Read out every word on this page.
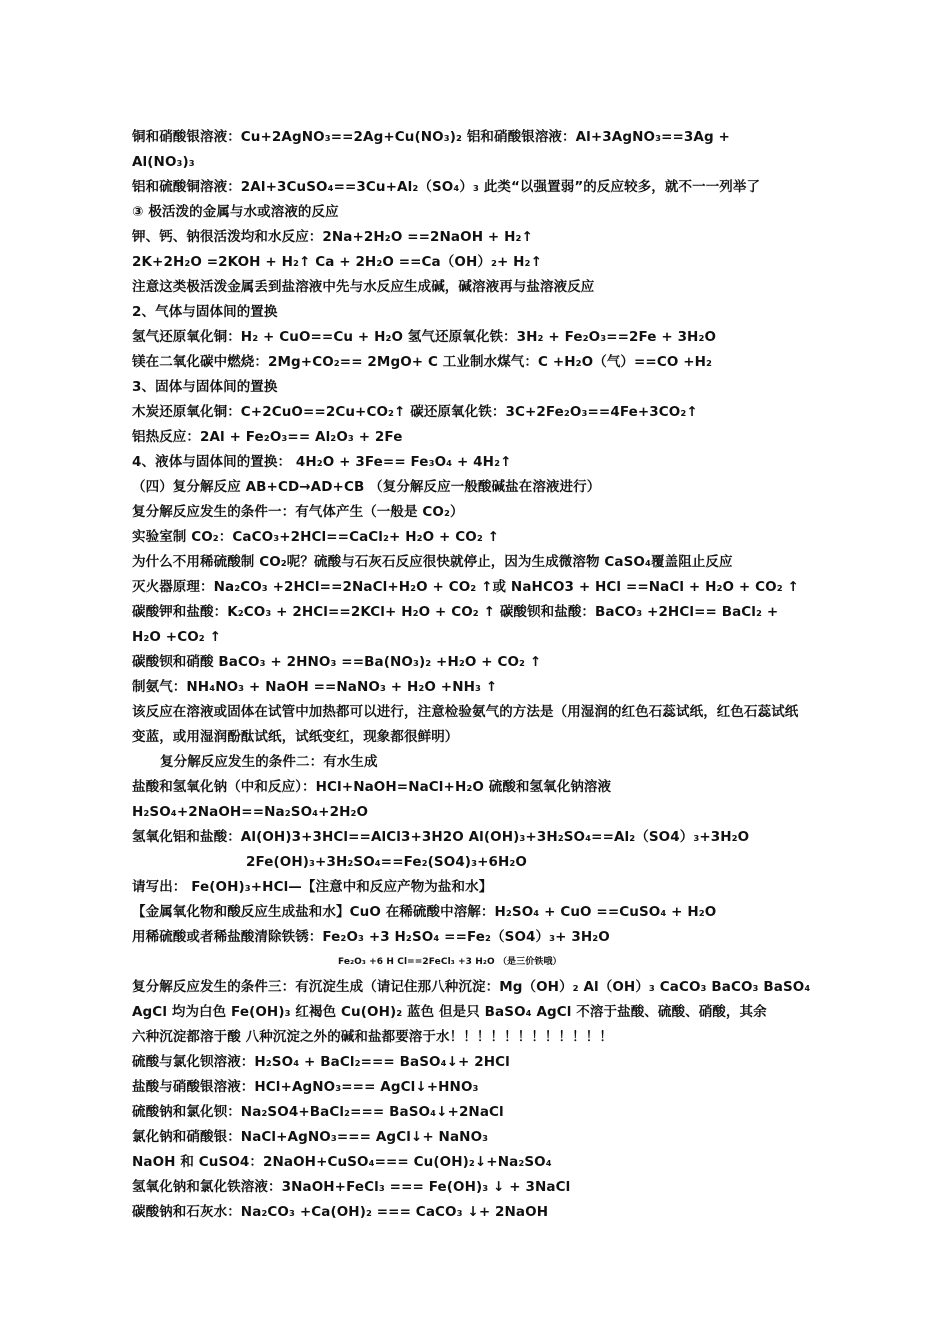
铜和硝酸银溶液：Cu+2AgNO₃==2Ag+Cu(NO₃)₂ 铝和硝酸银溶液：Al+3AgNO₃==3Ag +
Al(NO₃)₃
铝和硫酸铜溶液：2Al+3CuSO₄==3Cu+Al₂（SO₄）₃ 此类“以强置弱”的反应较多，就不一一列举了
③ 极活泼的金属与水或溶液的反应
钾、钙、钠很活泼均和水反应：2Na+2H₂O ==2NaOH + H₂↑
2K+2H₂O =2KOH + H₂↑ Ca + 2H₂O ==Ca（OH）₂+ H₂↑
注意这类极活泼金属丢到盐溶液中先与水反应生成碱，碱溶液再与盐溶液反应
2、气体与固体间的置换
氢气还原氧化铜：H₂ + CuO==Cu + H₂O 氢气还原氧化铁：3H₂ + Fe₂O₃==2Fe + 3H₂O
镁在二氧化碳中燃烧：2Mg+CO₂== 2MgO+ C 工业制水煤气：C +H₂O（气）==CO +H₂
3、固体与固体间的置换
木炭还原氧化铜：C+2CuO==2Cu+CO₂↑ 碳还原氧化铁：3C+2Fe₂O₃==4Fe+3CO₂↑
铝热反应：2Al + Fe₂O₃== Al₂O₃ + 2Fe
4、液体与固体间的置换： 4H₂O + 3Fe== Fe₃O₄ + 4H₂↑
（四）复分解反应 AB+CD→AD+CB （复分解反应一般酸碱盐在溶液进行）
复分解反应发生的条件一：有气体产生（一般是 CO₂）
实验室制 CO₂：CaCO₃+2HCl==CaCl₂+ H₂O + CO₂ ↑
为什么不用稀硫酸制 CO₂呢？硫酸与石灰石反应很快就停止，因为生成微溶物 CaSO₄覆盖阻止反应
灭火器原理：Na₂CO₃ +2HCl==2NaCl+H₂O + CO₂ ↑或 NaHCO3 + HCl ==NaCl + H₂O + CO₂ ↑
碳酸钾和盐酸：K₂CO₃ + 2HCl==2KCl+ H₂O + CO₂ ↑ 碳酸钡和盐酸：BaCO₃ +2HCl== BaCl₂ +
H₂O +CO₂ ↑
碳酸钡和硝酸 BaCO₃ + 2HNO₃ ==Ba(NO₃)₂ +H₂O + CO₂ ↑
制氨气：NH₄NO₃ + NaOH ==NaNO₃ + H₂O +NH₃ ↑
该反应在溶液或固体在试管中加热都可以进行，注意检验氨气的方法是（用湿润的红色石蕊试纸，红色石蕊试纸
变蓝，或用湿润酚酞试纸，试纸变红，现象都很鲜明）
复分解反应发生的条件二：有水生成
盐酸和氢氧化钠（中和反应）：HCl+NaOH=NaCl+H₂O 硫酸和氢氧化钠溶液
H₂SO₄+2NaOH==Na₂SO₄+2H₂O
氢氧化铝和盐酸：Al(OH)3+3HCl==AlCl3+3H2O Al(OH)₃+3H₂SO₄==Al₂（SO4）₃+3H₂O
2Fe(OH)₃+3H₂SO₄==Fe₂(SO4)₃+6H₂O
请写出： Fe(OH)₃+HCl—【注意中和反应产物为盐和水】
【金属氧化物和酸反应生成盐和水】CuO 在稀硫酸中溶解：H₂SO₄ + CuO ==CuSO₄ + H₂O
用稀硫酸或者稀盐酸清除铁锈：Fe₂O₃ +3 H₂SO₄ ==Fe₂（SO4）₃+ 3H₂O
Fe₂O₃ +6 H Cl==2FeCl₃ +3 H₂O （是三价铁哦）
复分解反应发生的条件三：有沉淀生成（请记住那八种沉淀：Mg（OH）₂ Al（OH）₃ CaCO₃ BaCO₃ BaSO₄
AgCl 均为白色 Fe(OH)₃ 红褐色 Cu(OH)₂ 蓝色 但是只 BaSO₄ AgCl 不溶于盐酸、硫酸、硝酸，其余
六种沉淀都溶于酸 八种沉淀之外的碱和盐都要溶于水！！！！！！！！！！！！
硫酸与氯化钡溶液：H₂SO₄ + BaCl₂=== BaSO₄↓+ 2HCl
盐酸与硝酸银溶液：HCl+AgNO₃=== AgCl↓+HNO₃
硫酸钠和氯化钡：Na₂SO4+BaCl₂=== BaSO₄↓+2NaCl
氯化钠和硝酸银：NaCl+AgNO₃=== AgCl↓+ NaNO₃
NaOH 和 CuSO4：2NaOH+CuSO₄=== Cu(OH)₂↓+Na₂SO₄
氢氧化钠和氯化铁溶液：3NaOH+FeCl₃ === Fe(OH)₃ ↓ + 3NaCl
碳酸钠和石灰水：Na₂CO₃ +Ca(OH)₂ === CaCO₃ ↓+ 2NaOH
